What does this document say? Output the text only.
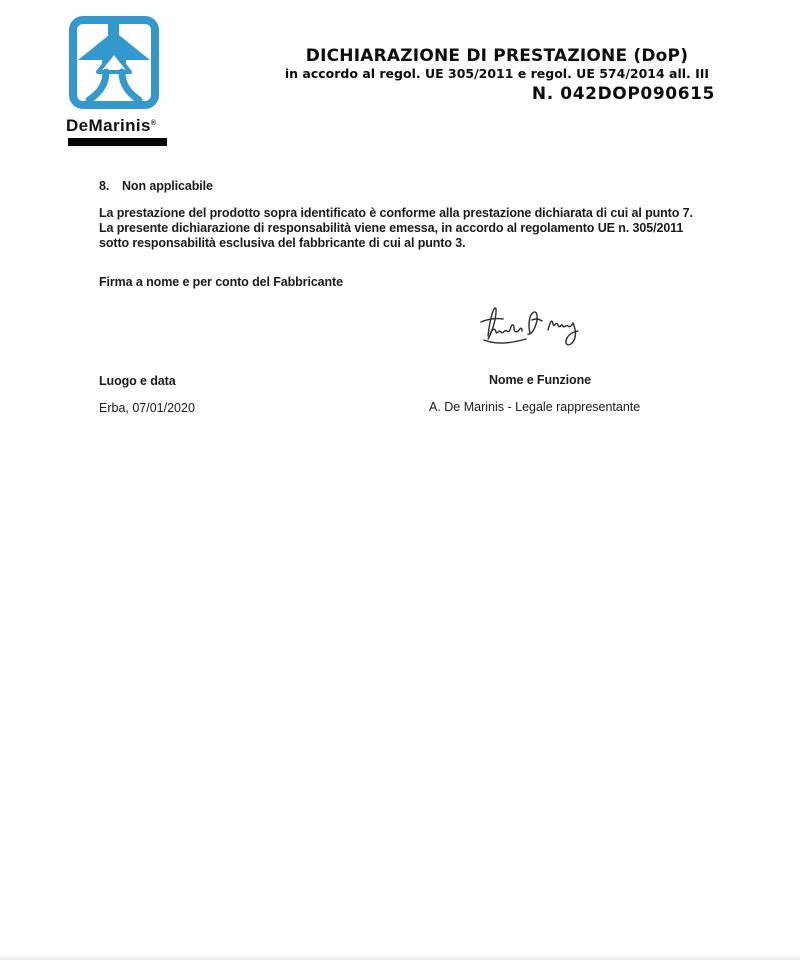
DeMarinis®
DICHIARAZIONE DI PRESTAZIONE (DoP)
in accordo al regol. UE 305/2011 e regol. UE 574/2014 all. III
N. 042DOP090615
8. Non applicabile
La prestazione del prodotto sopra identificato è conforme alla prestazione dichiarata di cui al punto 7.
La presente dichiarazione di responsabilità viene emessa, in accordo al regolamento UE n. 305/2011
sotto responsabilità esclusiva del fabbricante di cui al punto 3.
Firma a nome e per conto del Fabbricante
Luogo e data	Nome e Funzione
Erba, 07/01/2020	A. De Marinis - Legale rappresentante
